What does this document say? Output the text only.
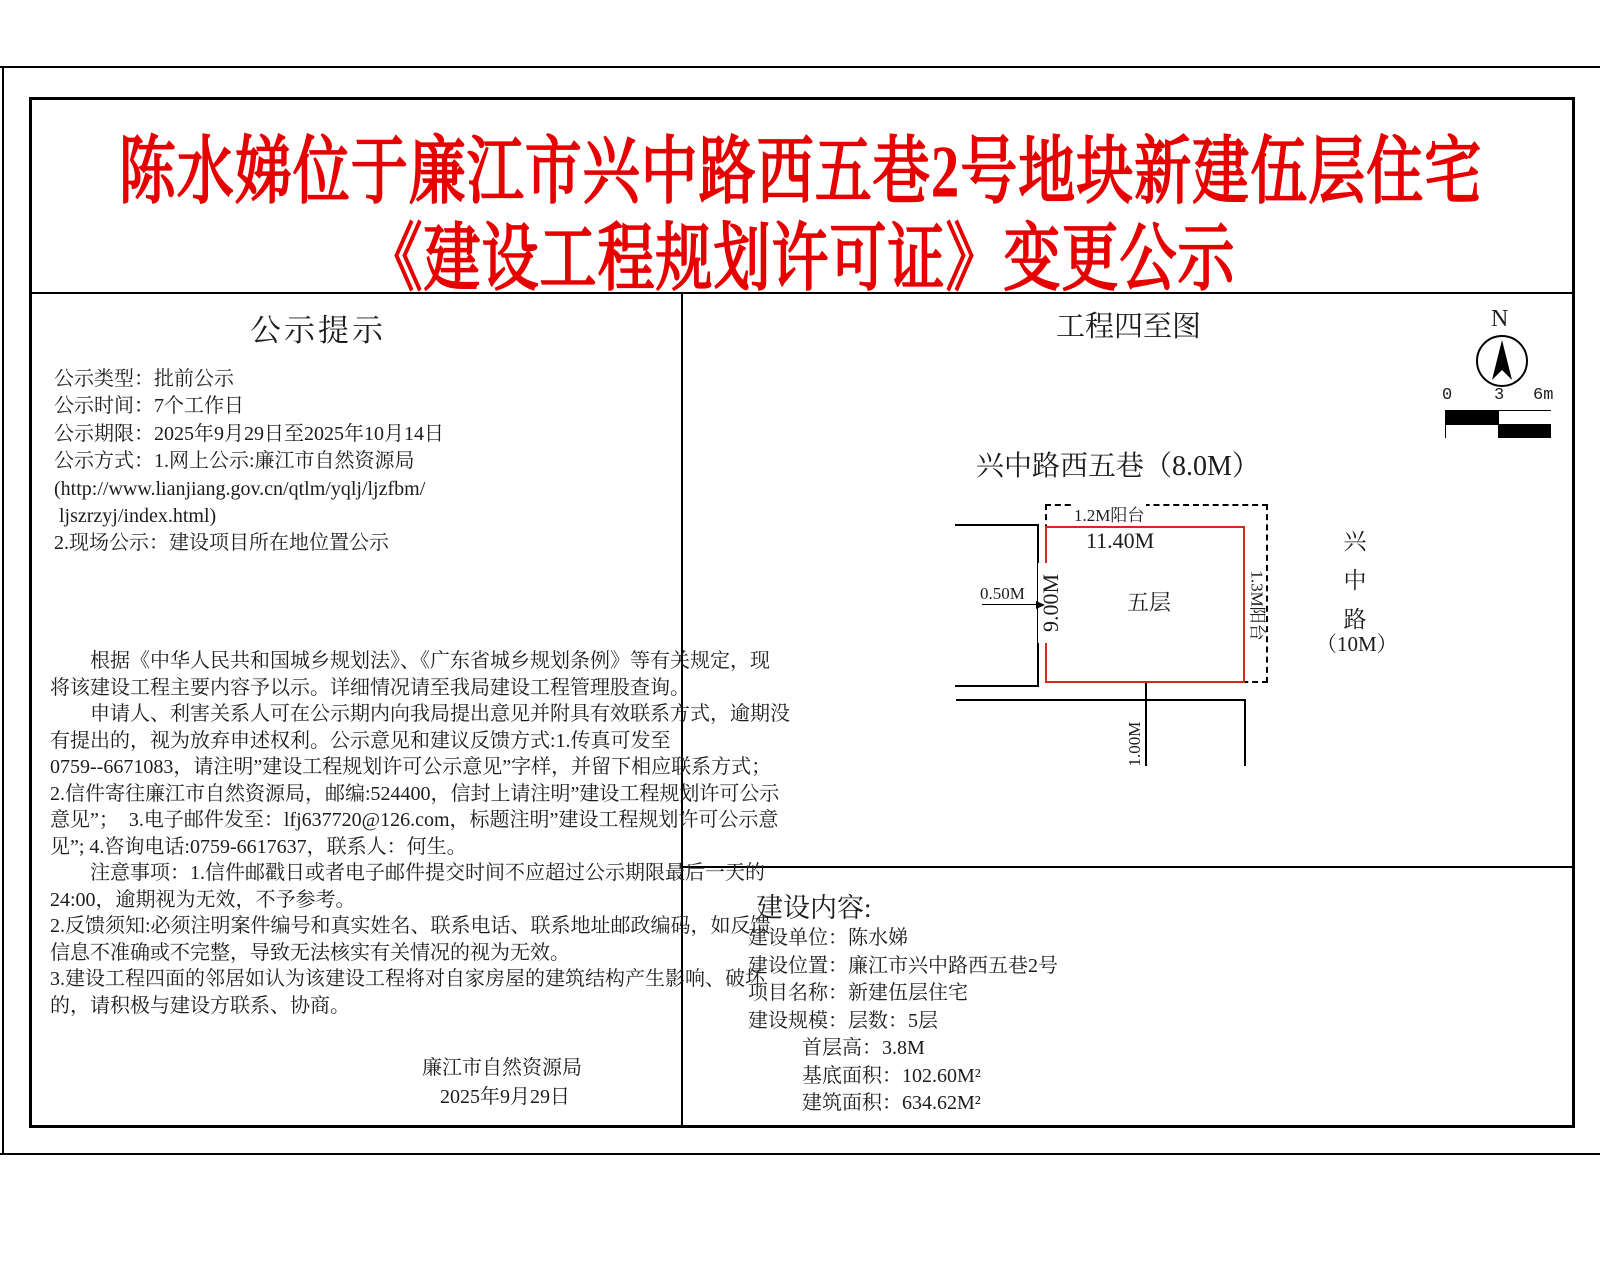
陈水娣位于廉江市兴中路西五巷2号地块新建伍层住宅
《建设工程规划许可证》变更公示
公示提示
公示类型：批前公示
公示时间：7个工作日
公示期限：2025年9月29日至2025年10月14日
公示方式：1.网上公示:廉江市自然资源局
(http://www.lianjiang.gov.cn/qtlm/yqlj/ljzfbm/
ljszrzyj/index.html)
2.现场公示：建设项目所在地位置公示
　　根据《中华人民共和国城乡规划法》、《广东省城乡规划条例》等有关规定，现
将该建设工程主要内容予以示。详细情况请至我局建设工程管理股查询。
　　申请人、利害关系人可在公示期内向我局提出意见并附具有效联系方式，逾期没
有提出的，视为放弃申述权利。公示意见和建议反馈方式:1.传真可发至
0759--6671083，请注明”建设工程规划许可公示意见”字样，并留下相应联系方式；
2.信件寄往廉江市自然资源局，邮编:524400，信封上请注明”建设工程规划许可公示
意见”；  3.电子邮件发至：lfj637720@126.com，标题注明”建设工程规划许可公示意
见”; 4.咨询电话:0759-6617637，联系人：何生。
　　注意事项：1.信件邮戳日或者电子邮件提交时间不应超过公示期限最后一天的
24:00，逾期视为无效，不予参考。
2.反馈须知:必须注明案件编号和真实姓名、联系电话、联系地址邮政编码，如反馈
信息不准确或不完整，导致无法核实有关情况的视为无效。
3.建设工程四面的邻居如认为该建设工程将对自家房屋的建筑结构产生影响、破坏
的，请积极与建设方联系、协商。
廉江市自然资源局
2025年9月29日
工程四至图	N
0 3 6m
兴中路西五巷（8.0M）
1.2M阳台
11.40M
9.00M	五层	1.3M阳台
0.50M
1.00M
兴中路
（10M）
建设内容:
建设单位：陈水娣
建设位置：廉江市兴中路西五巷2号
项目名称：新建伍层住宅
建设规模：层数：5层
首层高：3.8M
基底面积：102.60M²
建筑面积：634.62M²
